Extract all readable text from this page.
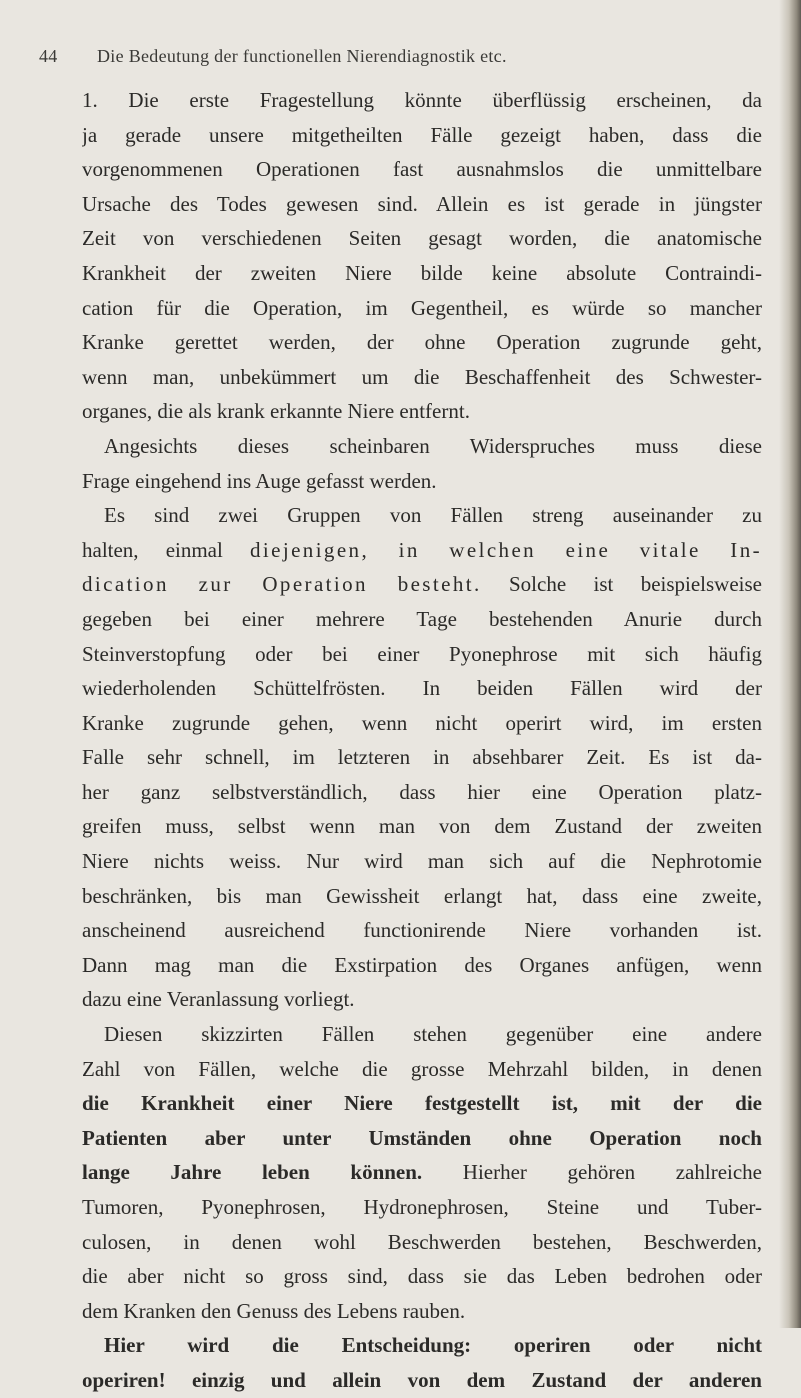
44 Die Bedeutung der functionellen Nierendiagnostik etc.
1. Die erste Fragestellung könnte überflüssig erscheinen, da
ja gerade unsere mitgetheilten Fälle gezeigt haben, dass die
vorgenommenen Operationen fast ausnahmslos die unmittelbare
Ursache des Todes gewesen sind. Allein es ist gerade in jüngster
Zeit von verschiedenen Seiten gesagt worden, die anatomische
Krankheit der zweiten Niere bilde keine absolute Contraindi-
cation für die Operation, im Gegentheil, es würde so mancher
Kranke gerettet werden, der ohne Operation zugrunde geht,
wenn man, unbekümmert um die Beschaffenheit des Schwester-
organes, die als krank erkannte Niere entfernt.
Angesichts dieses scheinbaren Widerspruches muss diese
Frage eingehend ins Auge gefasst werden.
Es sind zwei Gruppen von Fällen streng auseinander zu
halten, einmal diejenigen, in welchen eine vitale In-
dication zur Operation besteht. Solche ist beispielsweise
gegeben bei einer mehrere Tage bestehenden Anurie durch
Steinverstopfung oder bei einer Pyonephrose mit sich häufig
wiederholenden Schüttelfrösten. In beiden Fällen wird der
Kranke zugrunde gehen, wenn nicht operirt wird, im ersten
Falle sehr schnell, im letzteren in absehbarer Zeit. Es ist da-
her ganz selbstverständlich, dass hier eine Operation platz-
greifen muss, selbst wenn man von dem Zustand der zweiten
Niere nichts weiss. Nur wird man sich auf die Nephrotomie
beschränken, bis man Gewissheit erlangt hat, dass eine zweite,
anscheinend ausreichend functionirende Niere vorhanden ist.
Dann mag man die Exstirpation des Organes anfügen, wenn
dazu eine Veranlassung vorliegt.
Diesen skizzirten Fällen stehen gegenüber eine andere
Zahl von Fällen, welche die grosse Mehrzahl bilden, in denen
die Krankheit einer Niere festgestellt ist, mit der die
Patienten aber unter Umständen ohne Operation noch
lange Jahre leben können. Hierher gehören zahlreiche
Tumoren, Pyonephrosen, Hydronephrosen, Steine und Tuber-
culosen, in denen wohl Beschwerden bestehen, Beschwerden,
die aber nicht so gross sind, dass sie das Leben bedrohen oder
dem Kranken den Genuss des Lebens rauben.
Hier wird die Entscheidung: operiren oder nicht
operiren! einzig und allein von dem Zustand der anderen
